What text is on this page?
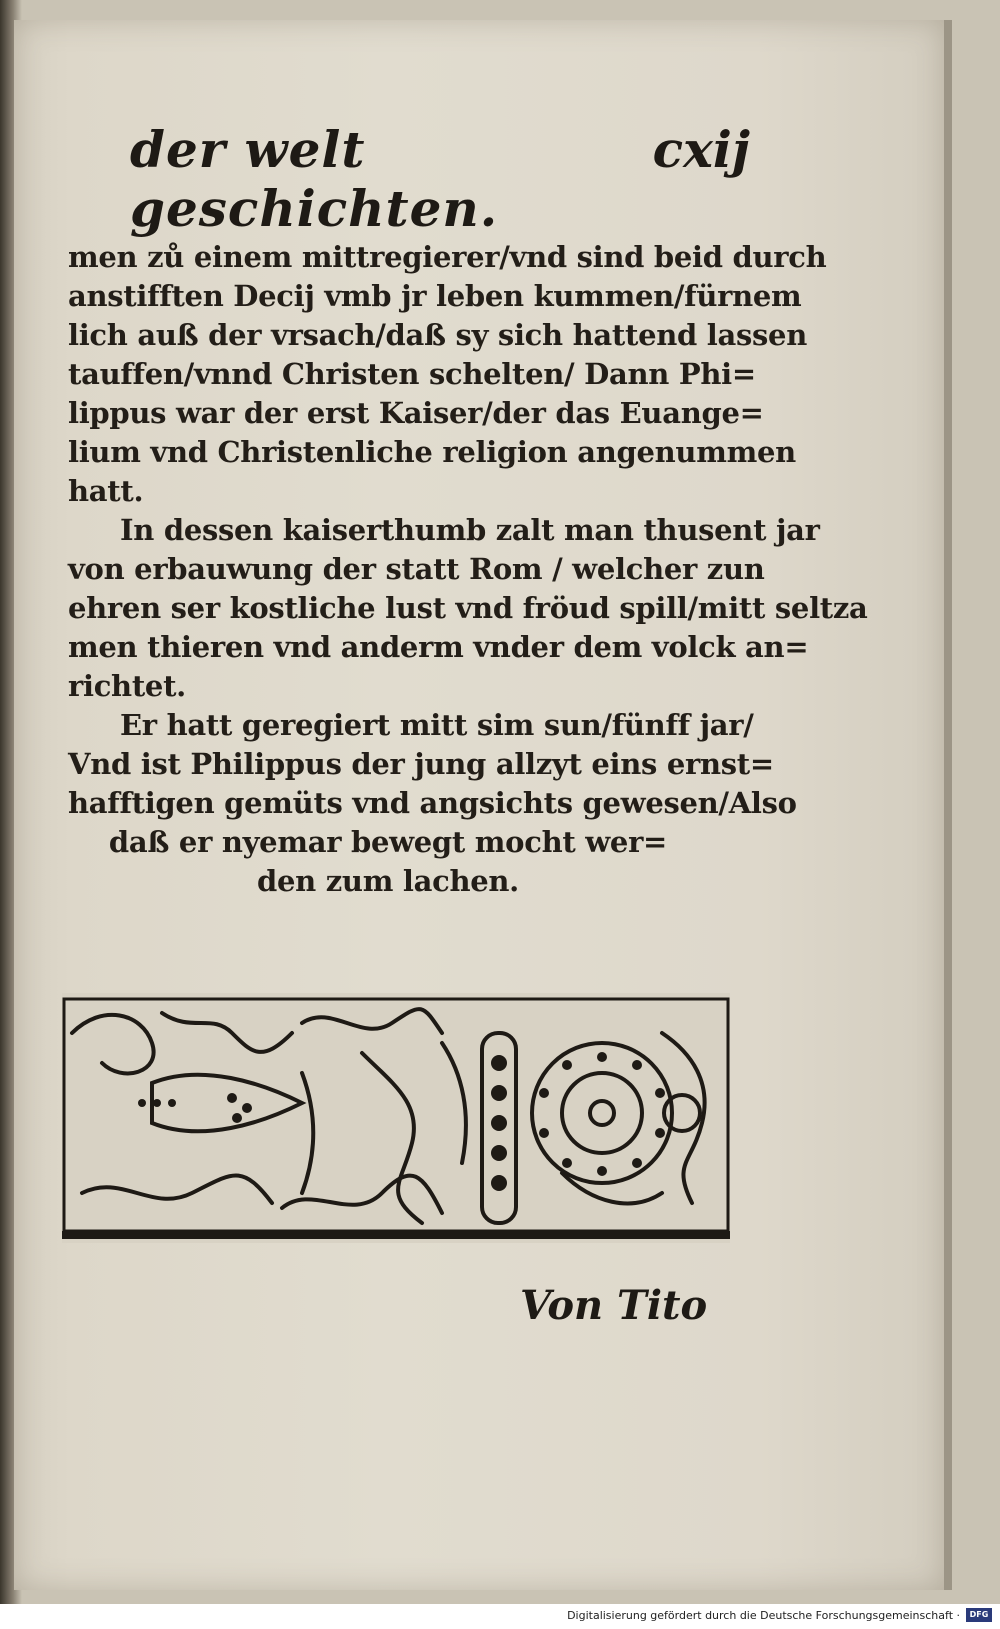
der welt geschichten.
cxij
men zů einem mittregierer/vnd sind beid durch
anstifften Decij vmb jr leben kummen/fürnem
lich auß der vrsach/daß sy sich hattend lassen
tauffen/vnnd Christen schelten/ Dann Phi=
lippus war der erst Kaiser/der das Euange=
lium vnd Christenliche religion angenummen
hatt.
In dessen kaiserthumb zalt man thusent jar
von erbauwung der statt Rom / welcher zun
ehren ser kostliche lust vnd fröud spill/mitt seltza
men thieren vnd anderm vnder dem volck an=
richtet.
Er hatt geregiert mitt sim sun/fünff jar/
Vnd ist Philippus der jung allzyt eins ernst=
hafftigen gemüts vnd angsichts gewesen/Also
daß er nyemar bewegt mocht wer=
den zum lachen.
Von Tito
Digitalisierung gefördert durch die Deutsche Forschungsgemeinschaft ·	DFG
